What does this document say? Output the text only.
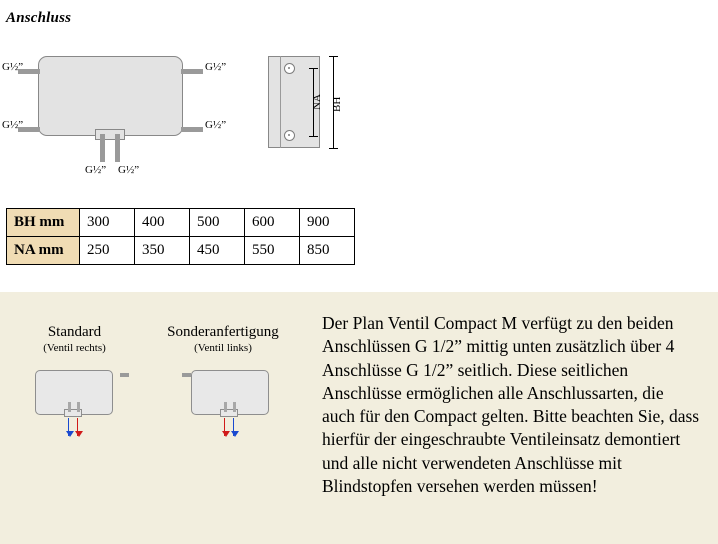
Anschluss
G½”	G½”
G½”	G½”
G½” G½”
NA BH
BH mm	300	400	500	600	900
NA mm	250	350	450	550	850
Standard
(Ventil rechts)
Sonderanfertigung
(Ventil links)
Der Plan Ventil Compact M verfügt zu den beiden Anschlüssen G 1/2” mittig unten zusätzlich über 4 Anschlüsse G 1/2” seitlich. Diese seitlichen Anschlüsse ermöglichen alle Anschlussarten, die auch für den Compact gelten. Bitte beachten Sie, dass hierfür der eingeschraubte Ventileinsatz demontiert und alle nicht verwendeten Anschlüsse mit Blindstopfen versehen werden müssen!
